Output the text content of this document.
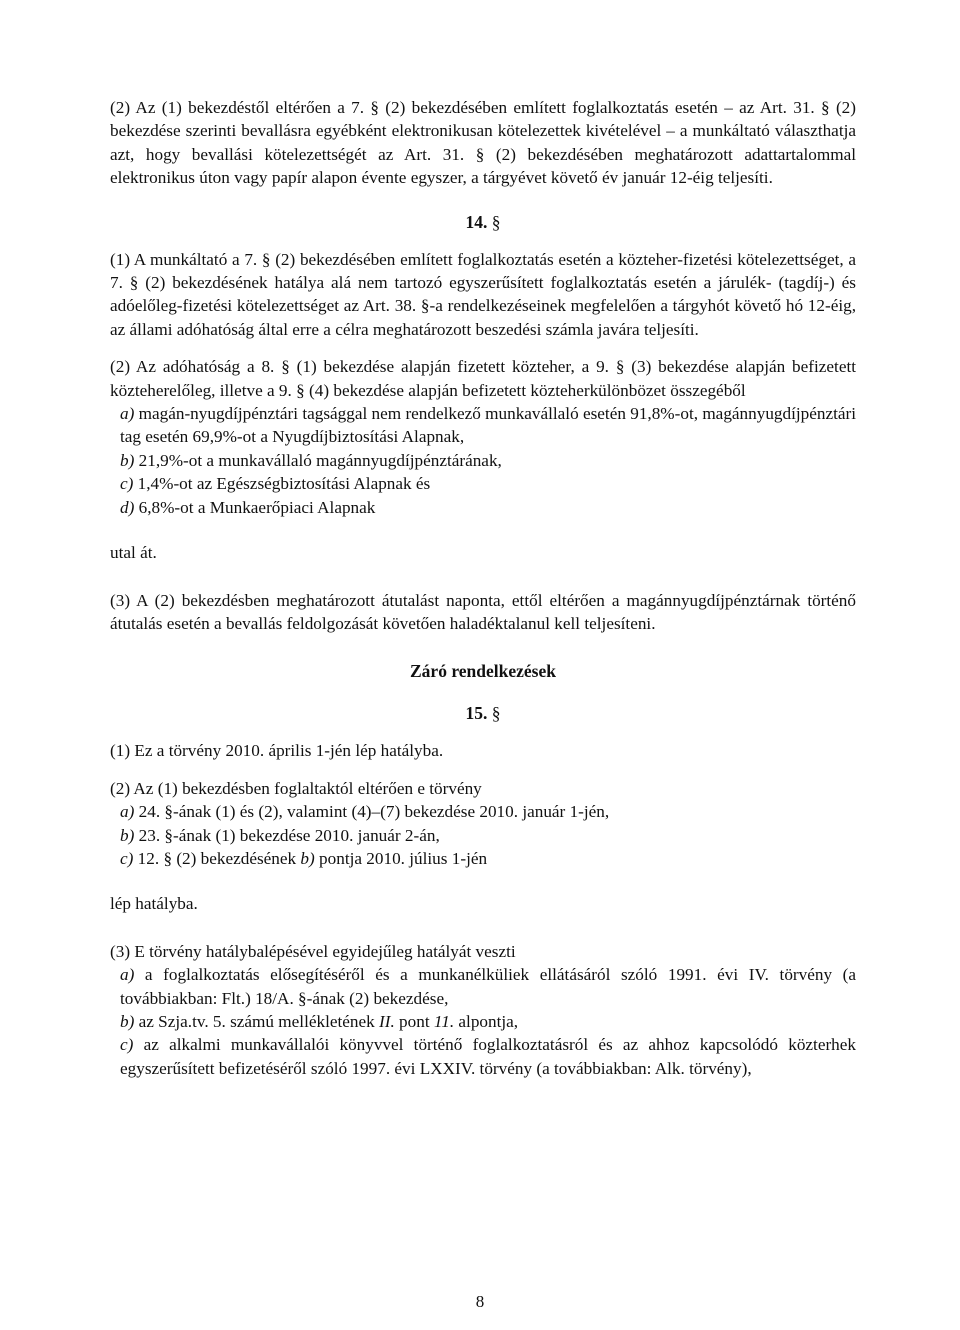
(2) Az (1) bekezdéstől eltérően a 7. § (2) bekezdésében említett foglalkoztatás esetén – az Art. 31. § (2) bekezdése szerinti bevallásra egyébként elektronikusan kötelezettek kivételével – a munkáltató választhatja azt, hogy bevallási kötelezettségét az Art. 31. § (2) bekezdésében meghatározott adattartalommal elektronikus úton vagy papír alapon évente egyszer, a tárgyévet követő év január 12-éig teljesíti.

14. §

(1) A munkáltató a 7. § (2) bekezdésében említett foglalkoztatás esetén a közteher-fizetési kötelezettséget, a 7. § (2) bekezdésének hatálya alá nem tartozó egyszerűsített foglalkoztatás esetén a járulék- (tagdíj-) és adóelőleg-fizetési kötelezettséget az Art. 38. §-a rendelkezéseinek megfelelően a tárgyhót követő hó 12-éig, az állami adóhatóság által erre a célra meghatározott beszedési számla javára teljesíti.

(2) Az adóhatóság a 8. § (1) bekezdése alapján fizetett közteher, a 9. § (3) bekezdése alapján befizetett közteherelőleg, illetve a 9. § (4) bekezdése alapján befizetett közteherkülönbözet összegéből

a) magán-nyugdíjpénztári tagsággal nem rendelkező munkavállaló esetén 91,8%-ot, magánnyugdíjpénztári tag esetén 69,9%-ot a Nyugdíjbiztosítási Alapnak,

b) 21,9%-ot a munkavállaló magánnyugdíjpénztárának,

c) 1,4%-ot az Egészségbiztosítási Alapnak és

d) 6,8%-ot a Munkaerőpiaci Alapnak

utal át.

(3) A (2) bekezdésben meghatározott átutalást naponta, ettől eltérően a magánnyugdíjpénztárnak történő átutalás esetén a bevallás feldolgozását követően haladéktalanul kell teljesíteni.

Záró rendelkezések
15. §

(1) Ez a törvény 2010. április 1-jén lép hatályba.

(2) Az (1) bekezdésben foglaltaktól eltérően e törvény

a) 24. §-ának (1) és (2), valamint (4)–(7) bekezdése 2010. január 1-jén,

b) 23. §-ának (1) bekezdése 2010. január 2-án,

c) 12. § (2) bekezdésének b) pontja 2010. július 1-jén

lép hatályba.

(3) E törvény hatálybalépésével egyidejűleg hatályát veszti

a) a foglalkoztatás elősegítéséről és a munkanélküliek ellátásáról szóló 1991. évi IV. törvény (a továbbiakban: Flt.) 18/A. §-ának (2) bekezdése,

b) az Szja.tv. 5. számú mellékletének II. pont 11. alpontja,

c) az alkalmi munkavállalói könyvvel történő foglalkoztatásról és az ahhoz kapcsolódó közterhek egyszerűsített befizetéséről szóló 1997. évi LXXIV. törvény (a továbbiakban: Alk. törvény),

8
